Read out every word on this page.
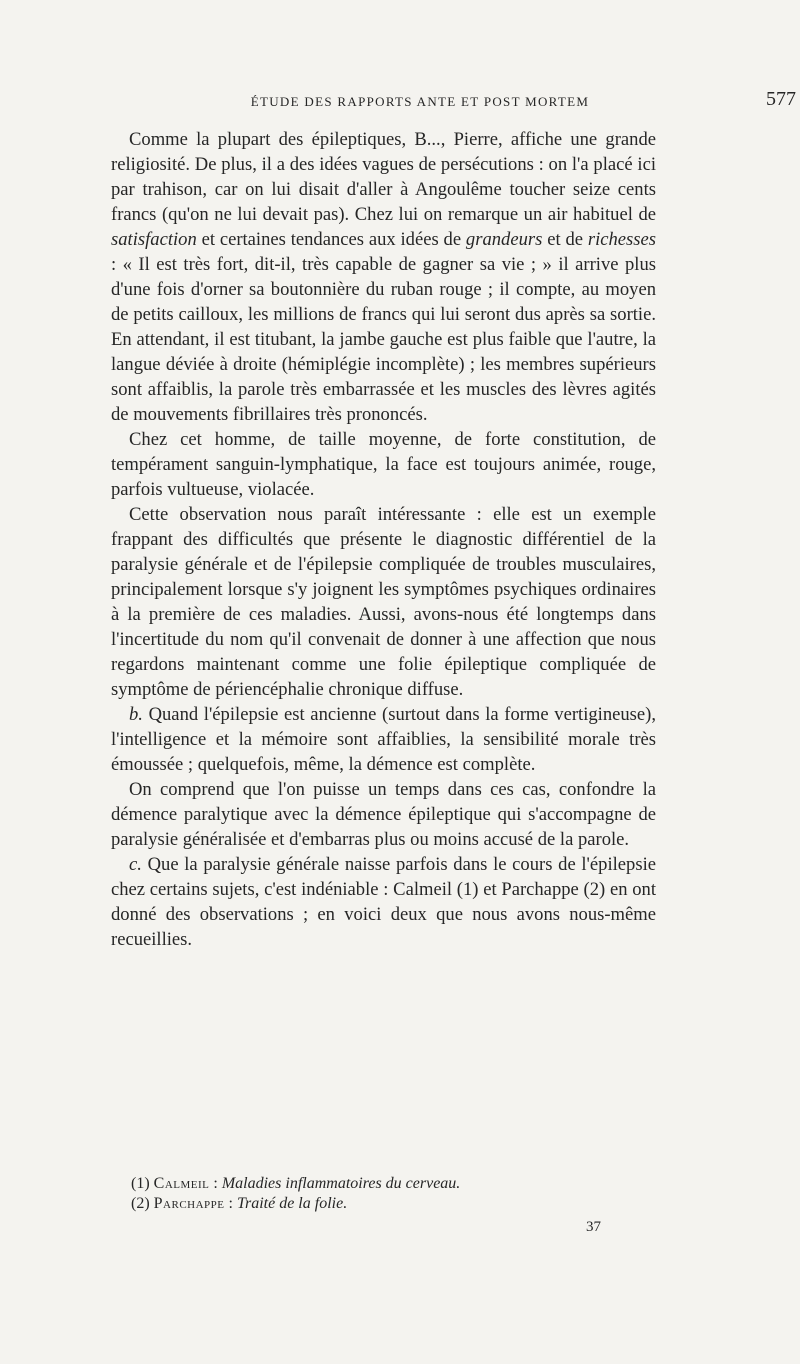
ÉTUDE DES RAPPORTS ANTE ET POST MORTEM	577

Comme la plupart des épileptiques, B..., Pierre, affiche une grande religiosité. De plus, il a des idées vagues de persécutions : on l'a placé ici par trahison, car on lui disait d'aller à Angoulême toucher seize cents francs (qu'on ne lui devait pas). Chez lui on remarque un air habituel de satisfaction et certaines tendances aux idées de grandeurs et de richesses : « Il est très fort, dit-il, très capable de gagner sa vie ; » il arrive plus d'une fois d'orner sa boutonnière du ruban rouge ; il compte, au moyen de petits cailloux, les millions de francs qui lui seront dus après sa sortie. En attendant, il est titubant, la jambe gauche est plus faible que l'autre, la langue déviée à droite (hémiplégie incomplète) ; les membres supérieurs sont affaiblis, la parole très embarrassée et les muscles des lèvres agités de mouvements fibrillaires très prononcés.

Chez cet homme, de taille moyenne, de forte constitution, de tempérament sanguin-lymphatique, la face est toujours animée, rouge, parfois vultueuse, violacée.

Cette observation nous paraît intéressante : elle est un exemple frappant des difficultés que présente le diagnostic différentiel de la paralysie générale et de l'épilepsie compliquée de troubles musculaires, principalement lorsque s'y joignent les symptômes psychiques ordinaires à la première de ces maladies. Aussi, avons-nous été longtemps dans l'incertitude du nom qu'il convenait de donner à une affection que nous regardons maintenant comme une folie épileptique compliquée de symptôme de périencéphalie chronique diffuse.

b. Quand l'épilepsie est ancienne (surtout dans la forme vertigineuse), l'intelligence et la mémoire sont affaiblies, la sensibilité morale très émoussée ; quelquefois, même, la démence est complète.

On comprend que l'on puisse un temps dans ces cas, confondre la démence paralytique avec la démence épileptique qui s'accompagne de paralysie généralisée et d'embarras plus ou moins accusé de la parole.

c. Que la paralysie générale naisse parfois dans le cours de l'épilepsie chez certains sujets, c'est indéniable : Calmeil (1) et Parchappe (2) en ont donné des observations ; en voici deux que nous avons nous-même recueillies.

(1) Calmeil : Maladies inflammatoires du cerveau.

(2) Parchappe : Traité de la folie.

37
